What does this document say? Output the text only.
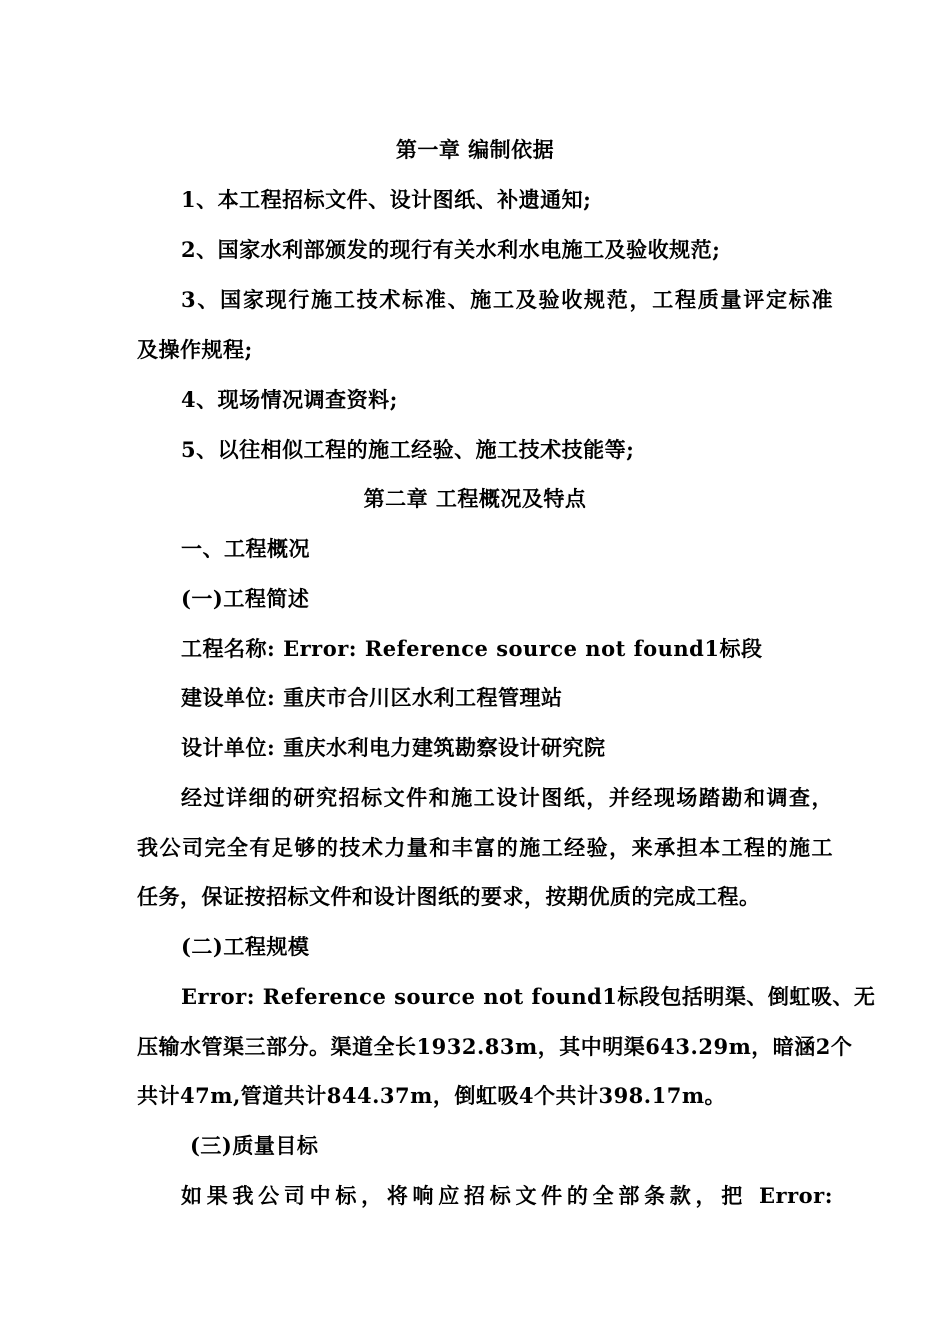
第一章 编制依据
1、本工程招标文件、设计图纸、补遗通知;
2、国家水利部颁发的现行有关水利水电施工及验收规范;
3、国家现行施工技术标准、施工及验收规范，工程质量评定标准
及操作规程;
4、现场情况调查资料;
5、以往相似工程的施工经验、施工技术技能等;
第二章 工程概况及特点
一、工程概况
(一)工程简述
工程名称: Error: Reference source not found1标段
建设单位: 重庆市合川区水利工程管理站
设计单位: 重庆水利电力建筑勘察设计研究院
经过详细的研究招标文件和施工设计图纸，并经现场踏勘和调查，
我公司完全有足够的技术力量和丰富的施工经验，来承担本工程的施工
任务，保证按招标文件和设计图纸的要求，按期优质的完成工程。
(二)工程规模
Error: Reference source not found1标段包括明渠、倒虹吸、无
压输水管渠三部分。渠道全长1932.83m，其中明渠643.29m，暗涵2个
共计47m,管道共计844.37m，倒虹吸4个共计398.17m。
(三)质量目标
如果我公司中标，将响应招标文件的全部条款，把 Error:
